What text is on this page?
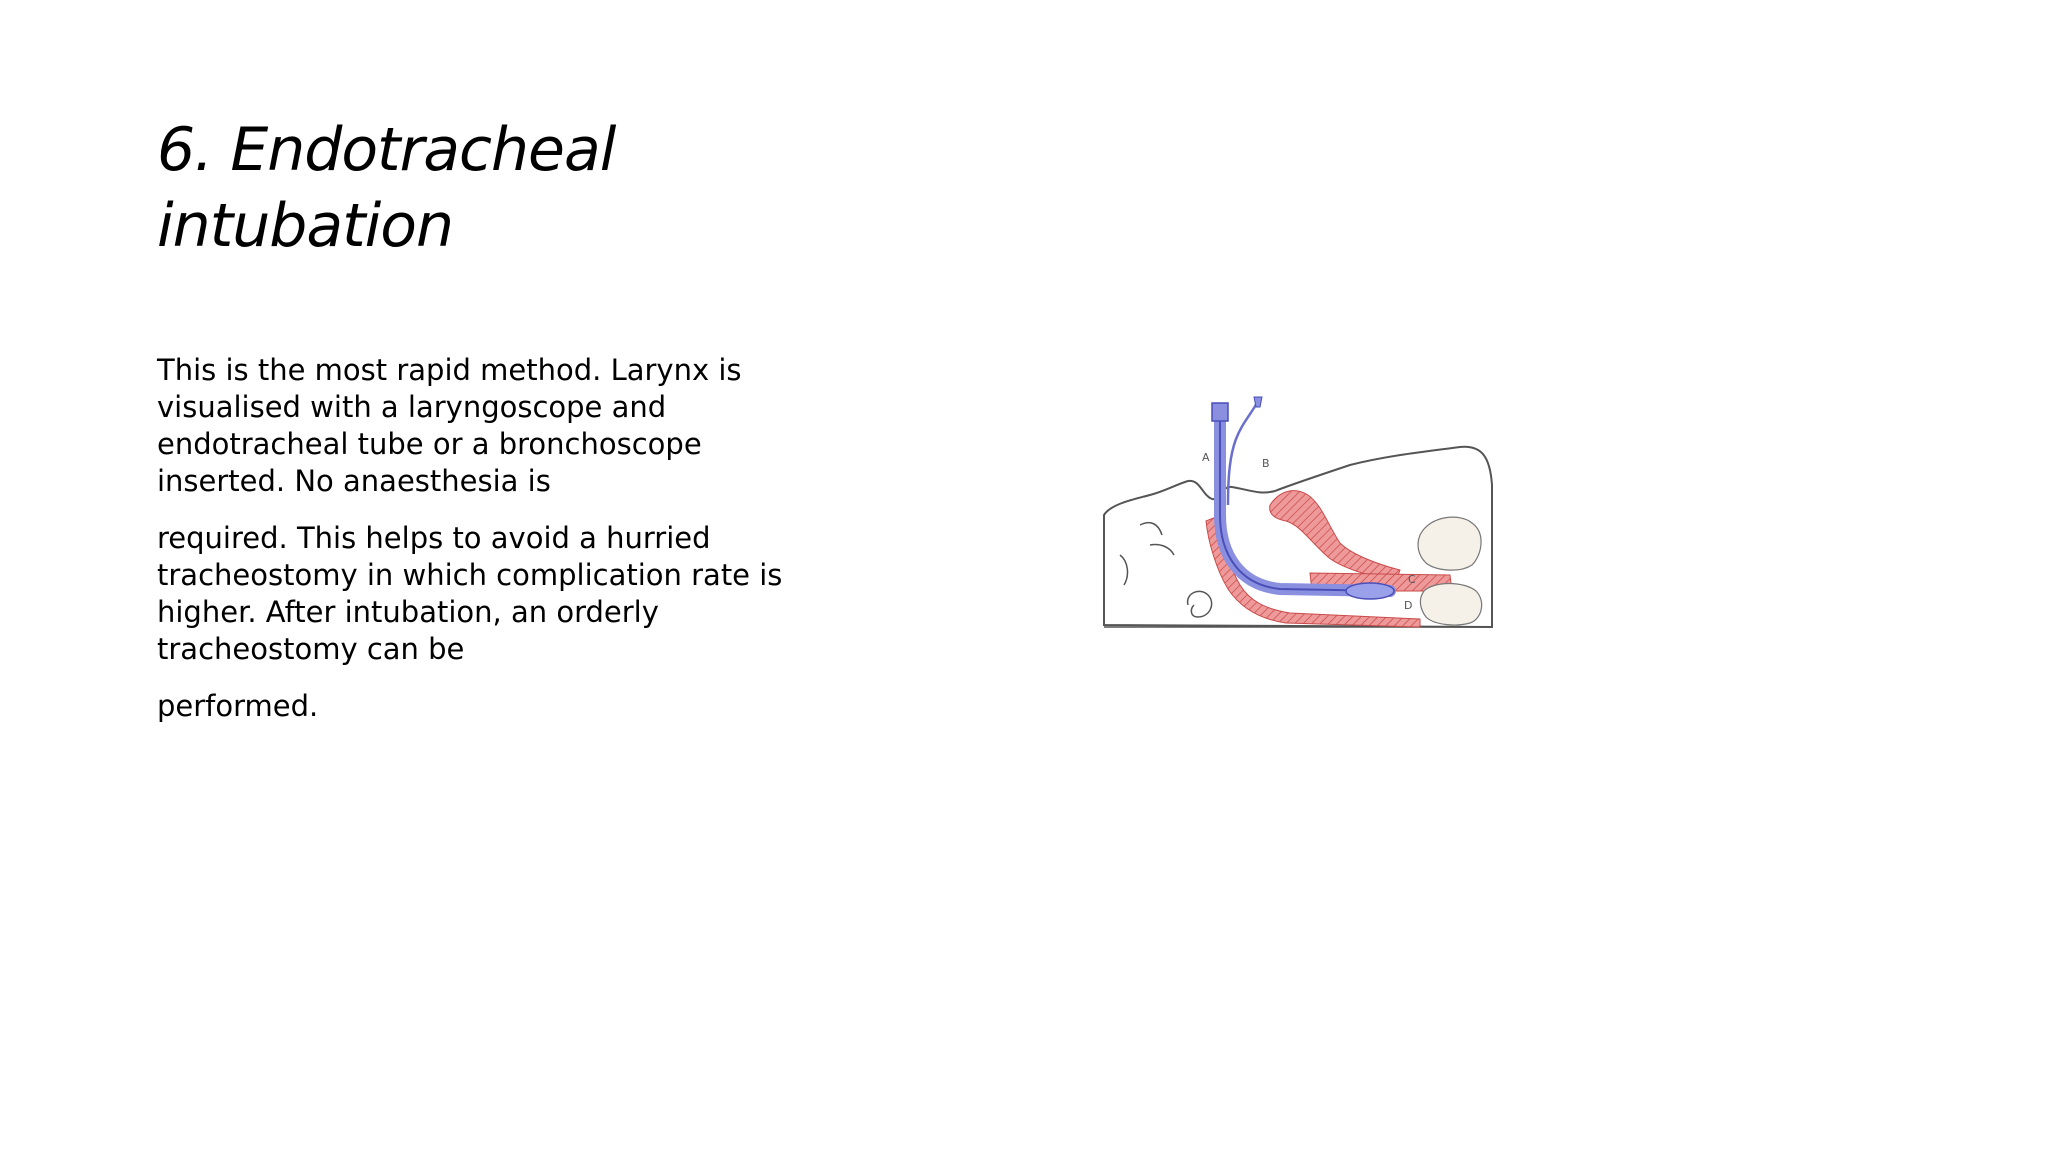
6. Endotracheal
intubation

This is the most rapid method. Larynx is
visualised with a laryngoscope and
endotracheal tube or a bronchoscope
inserted. No anaesthesia is

required. This helps to avoid a hurried
tracheostomy in which complication rate is
higher. After intubation, an orderly
tracheostomy can be

performed.

A	B
C
D
